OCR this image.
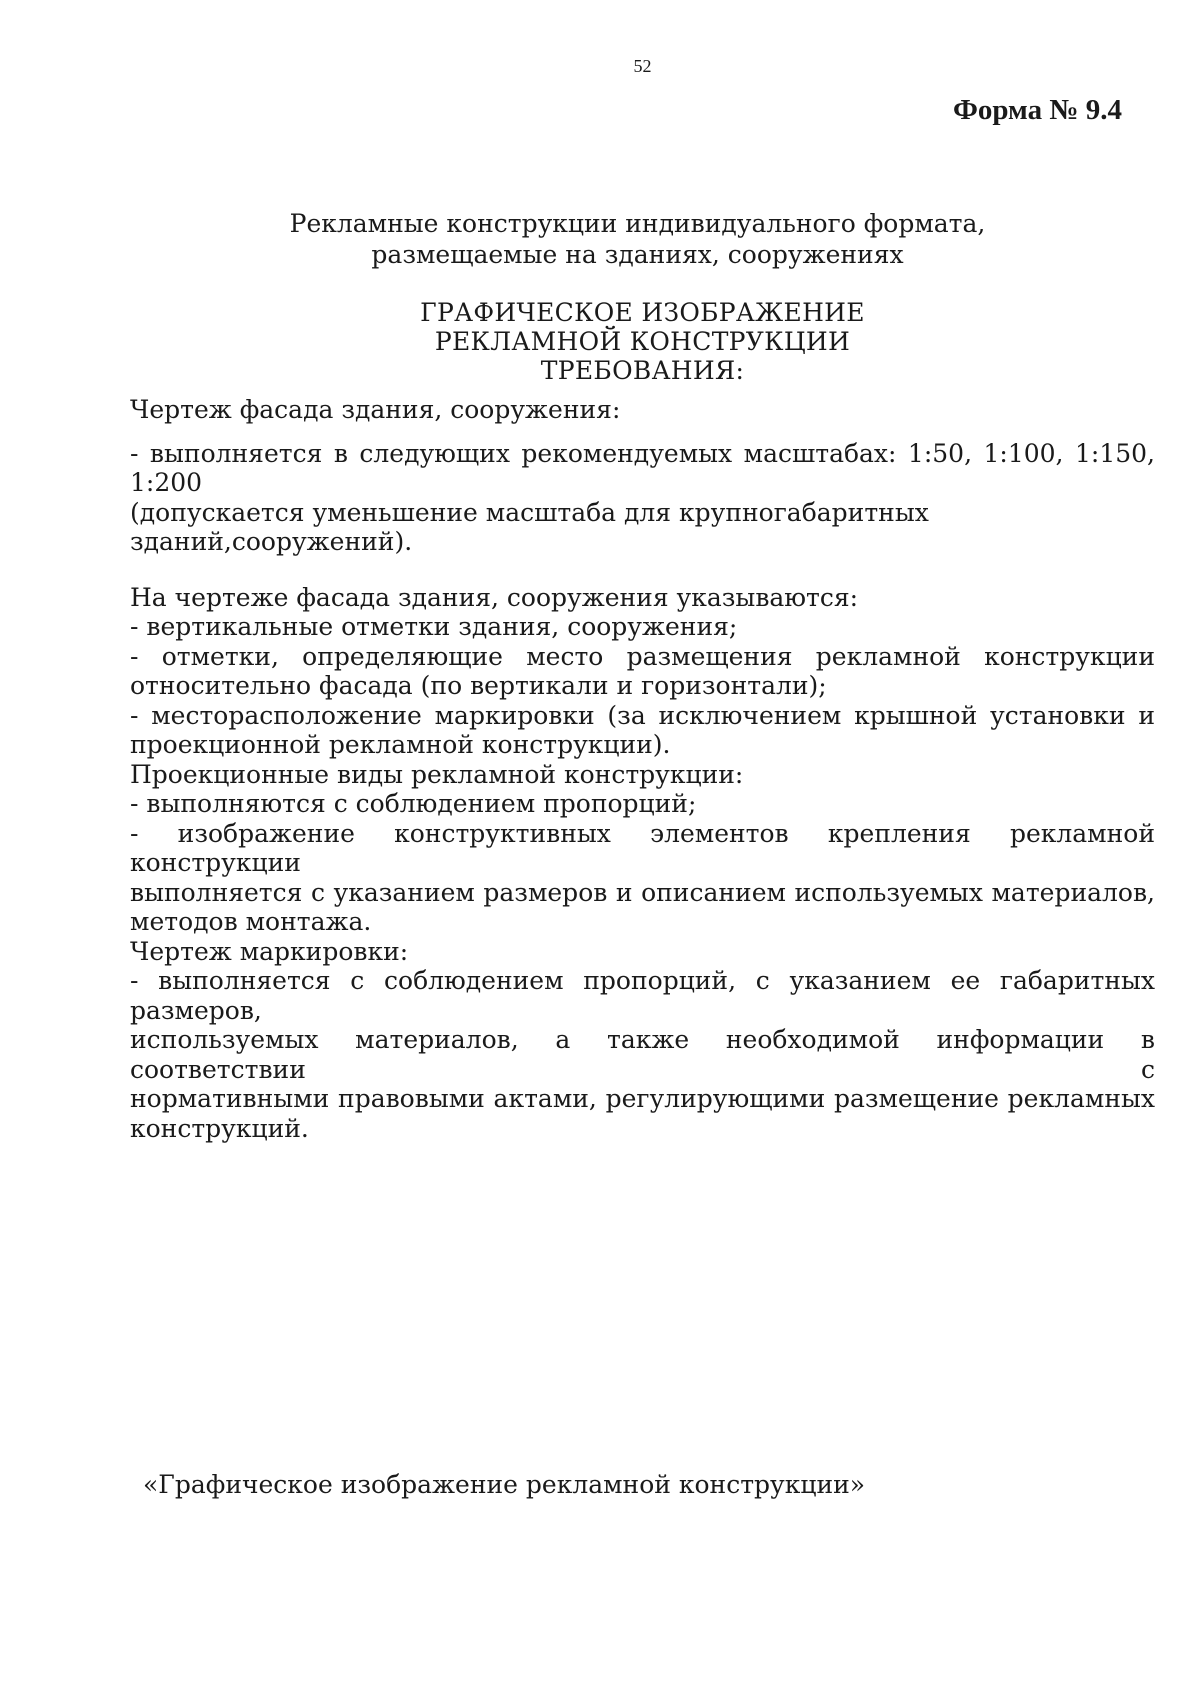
52
Форма № 9.4
Рекламные конструкции индивидуального формата,
размещаемые на зданиях, сооружениях
ГРАФИЧЕСКОЕ ИЗОБРАЖЕНИЕ
РЕКЛАМНОЙ КОНСТРУКЦИИ
ТРЕБОВАНИЯ:

Чертеж фасада здания, сооружения:

- выполняется в следующих рекомендуемых масштабах: 1:50, 1:100, 1:150, 1:200

(допускается уменьшение масштаба для крупногабаритных зданий,сооружений).

На чертеже фасада здания, сооружения указываются:

- вертикальные отметки здания, сооружения;

- отметки, определяющие место размещения рекламной конструкции

относительно фасада (по вертикали и горизонтали);

- месторасположение маркировки (за исключением крышной установки и

проекционной рекламной конструкции).

Проекционные виды рекламной конструкции:

- выполняются с соблюдением пропорций;

- изображение конструктивных элементов крепления рекламной конструкции

выполняется с указанием размеров и описанием используемых материалов,

методов монтажа.

Чертеж маркировки:

- выполняется с соблюдением пропорций, с указанием ее габаритных размеров,

используемых материалов, а также необходимой информации в соответствии с

нормативными правовыми актами, регулирующими размещение рекламных

конструкций.

«Графическое изображение рекламной конструкции»
